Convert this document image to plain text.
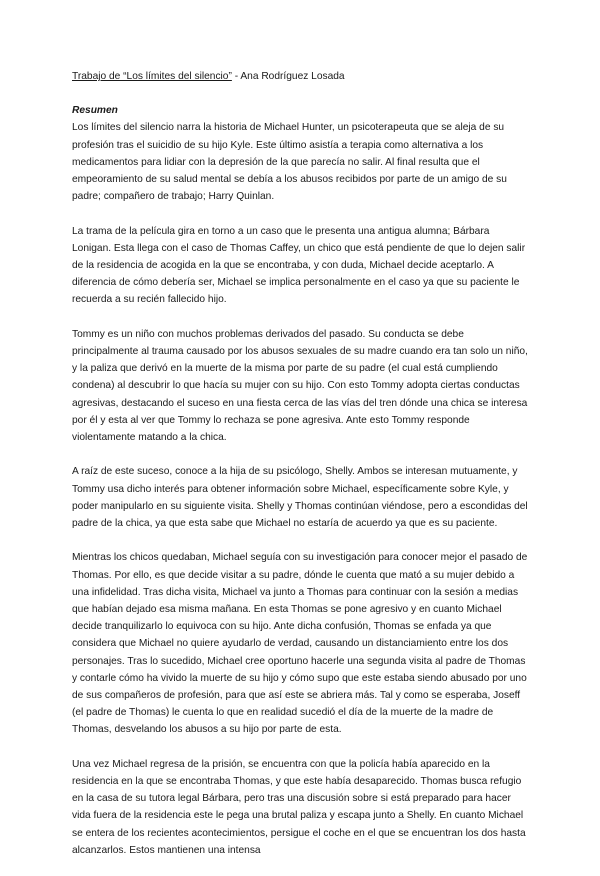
Trabajo de “Los límites del silencio” - Ana Rodríguez Losada

Resumen

Los límites del silencio narra la historia de Michael Hunter, un psicoterapeuta que se aleja de su profesión tras el suicidio de su hijo Kyle. Este último asistía a terapia como alternativa a los medicamentos para lidiar con la depresión de la que parecía no salir. Al final resulta que el empeoramiento de su salud mental se debía a los abusos recibidos por parte de un amigo de su padre; compañero de trabajo; Harry Quinlan.

La trama de la película gira en torno a un caso que le presenta una antigua alumna; Bárbara Lonigan. Esta llega con el caso de Thomas Caffey, un chico que está pendiente de que lo dejen salir de la residencia de acogida en la que se encontraba, y con duda, Michael decide aceptarlo. A diferencia de cómo debería ser, Michael se implica personalmente en el caso ya que su paciente le recuerda a su recién fallecido hijo.

Tommy es un niño con muchos problemas derivados del pasado. Su conducta se debe principalmente al trauma causado por los abusos sexuales de su madre cuando era tan solo un niño, y la paliza que derivó en la muerte de la misma por parte de su padre (el cual está cumpliendo condena) al descubrir lo que hacía su mujer con su hijo. Con esto Tommy adopta ciertas conductas agresivas, destacando el suceso en una fiesta cerca de las vías del tren dónde una chica se interesa por él y esta al ver que Tommy lo rechaza se pone agresiva. Ante esto Tommy responde violentamente matando a la chica.

A raíz de este suceso, conoce a la hija de su psicólogo, Shelly. Ambos se interesan mutuamente, y Tommy usa dicho interés para obtener información sobre Michael, específicamente sobre Kyle, y poder manipularlo en su siguiente visita. Shelly y Thomas continúan viéndose, pero a escondidas del padre de la chica, ya que esta sabe que Michael no estaría de acuerdo ya que es su paciente.

Mientras los chicos quedaban, Michael seguía con su investigación para conocer mejor el pasado de Thomas. Por ello, es que decide visitar a su padre, dónde le cuenta que mató a su mujer debido a una infidelidad. Tras dicha visita, Michael va junto a Thomas para continuar con la sesión a medias que habían dejado esa misma mañana. En esta Thomas se pone agresivo y en cuanto Michael decide tranquilizarlo lo equivoca con su hijo. Ante dicha confusión, Thomas se enfada ya que considera que Michael no quiere ayudarlo de verdad, causando un distanciamiento entre los dos personajes. Tras lo sucedido, Michael cree oportuno hacerle una segunda visita al padre de Thomas y contarle cómo ha vivido la muerte de su hijo y cómo supo que este estaba siendo abusado por uno de sus compañeros de profesión, para que así este se abriera más. Tal y como se esperaba, Joseff (el padre de Thomas) le cuenta lo que en realidad sucedió el día de la muerte de la madre de Thomas, desvelando los abusos a su hijo por parte de esta.

Una vez Michael regresa de la prisión, se encuentra con que la policía había aparecido en la residencia en la que se encontraba Thomas, y que este había desaparecido. Thomas busca refugio en la casa de su tutora legal Bárbara, pero tras una discusión sobre si está preparado para hacer vida fuera de la residencia este le pega una brutal paliza y escapa junto a Shelly. En cuanto Michael se entera de los recientes acontecimientos, persigue el coche en el que se encuentran los dos hasta alcanzarlos. Estos mantienen una intensa
